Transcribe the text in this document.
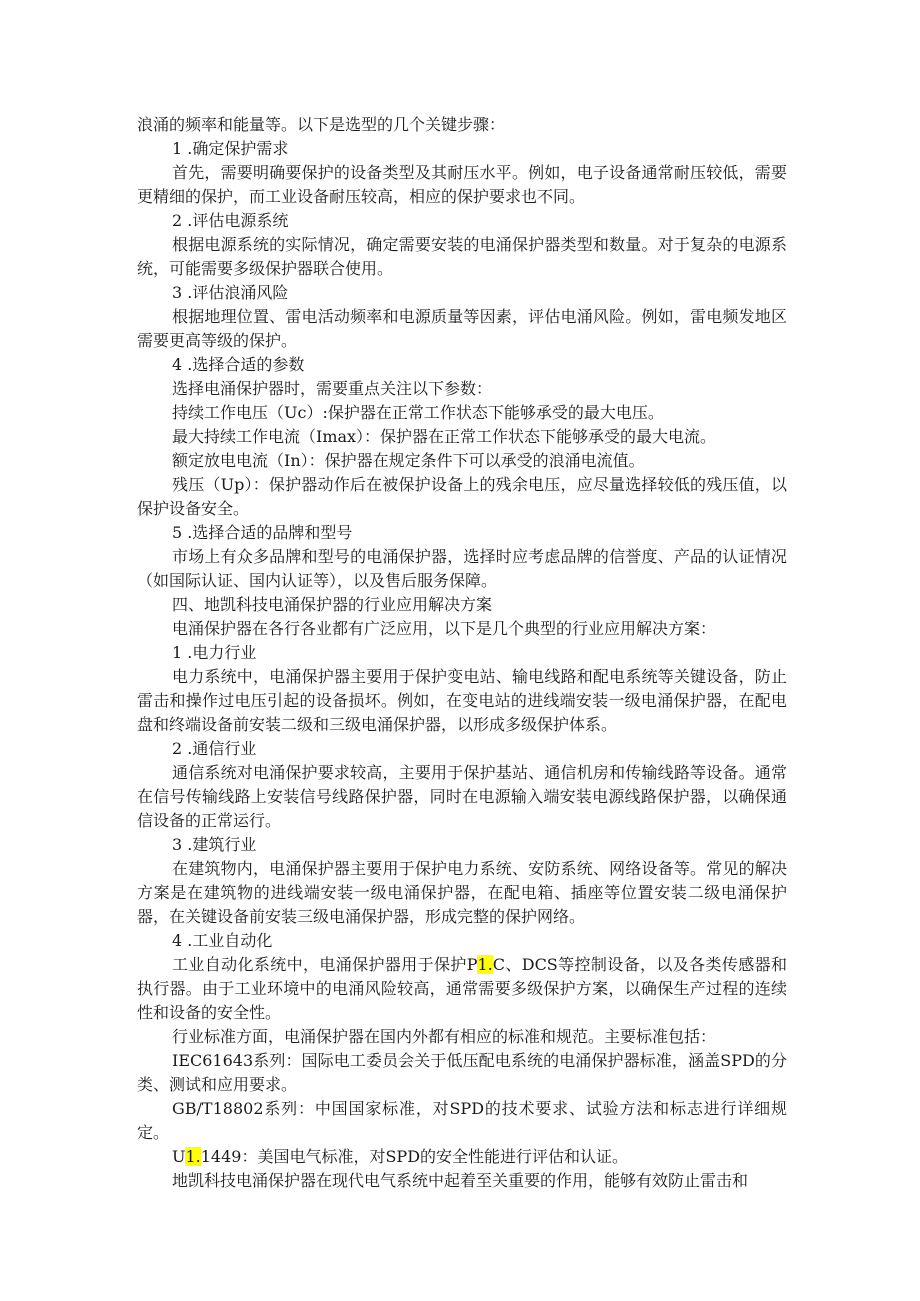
浪涌的频率和能量等。以下是选型的几个关键步骤：

1 .确定保护需求

首先，需要明确要保护的设备类型及其耐压水平。例如，电子设备通常耐压较低，需要更精细的保护，而工业设备耐压较高，相应的保护要求也不同。

2 .评估电源系统

根据电源系统的实际情况，确定需要安装的电涌保护器类型和数量。对于复杂的电源系统，可能需要多级保护器联合使用。

3 .评估浪涌风险

根据地理位置、雷电活动频率和电源质量等因素，评估电涌风险。例如，雷电频发地区需要更高等级的保护。

4 .选择合适的参数

选择电涌保护器时，需要重点关注以下参数：

持续工作电压（Uc）:保护器在正常工作状态下能够承受的最大电压。

最大持续工作电流（Imax）：保护器在正常工作状态下能够承受的最大电流。

额定放电电流（In）：保护器在规定条件下可以承受的浪涌电流值。

残压（Up）：保护器动作后在被保护设备上的残余电压，应尽量选择较低的残压值，以保护设备安全。

5 .选择合适的品牌和型号

市场上有众多品牌和型号的电涌保护器，选择时应考虑品牌的信誉度、产品的认证情况（如国际认证、国内认证等），以及售后服务保障。

四、地凯科技电涌保护器的行业应用解决方案

电涌保护器在各行各业都有广泛应用，以下是几个典型的行业应用解决方案：

1 .电力行业

电力系统中，电涌保护器主要用于保护变电站、输电线路和配电系统等关键设备，防止雷击和操作过电压引起的设备损坏。例如，在变电站的进线端安装一级电涌保护器，在配电盘和终端设备前安装二级和三级电涌保护器，以形成多级保护体系。

2 .通信行业

通信系统对电涌保护要求较高，主要用于保护基站、通信机房和传输线路等设备。通常在信号传输线路上安装信号线路保护器，同时在电源输入端安装电源线路保护器，以确保通信设备的正常运行。

3 .建筑行业

在建筑物内，电涌保护器主要用于保护电力系统、安防系统、网络设备等。常见的解决方案是在建筑物的进线端安装一级电涌保护器，在配电箱、插座等位置安装二级电涌保护器，在关键设备前安装三级电涌保护器，形成完整的保护网络。

4 .工业自动化

工业自动化系统中，电涌保护器用于保护P1.C、DCS等控制设备，以及各类传感器和执行器。由于工业环境中的电涌风险较高，通常需要多级保护方案，以确保生产过程的连续性和设备的安全性。

行业标准方面，电涌保护器在国内外都有相应的标准和规范。主要标准包括：

IEC61643系列：国际电工委员会关于低压配电系统的电涌保护器标准，涵盖SPD的分类、测试和应用要求。

GB/T18802系列：中国国家标准，对SPD的技术要求、试验方法和标志进行详细规定。

U1.1449：美国电气标准，对SPD的安全性能进行评估和认证。

地凯科技电涌保护器在现代电气系统中起着至关重要的作用，能够有效防止雷击和
